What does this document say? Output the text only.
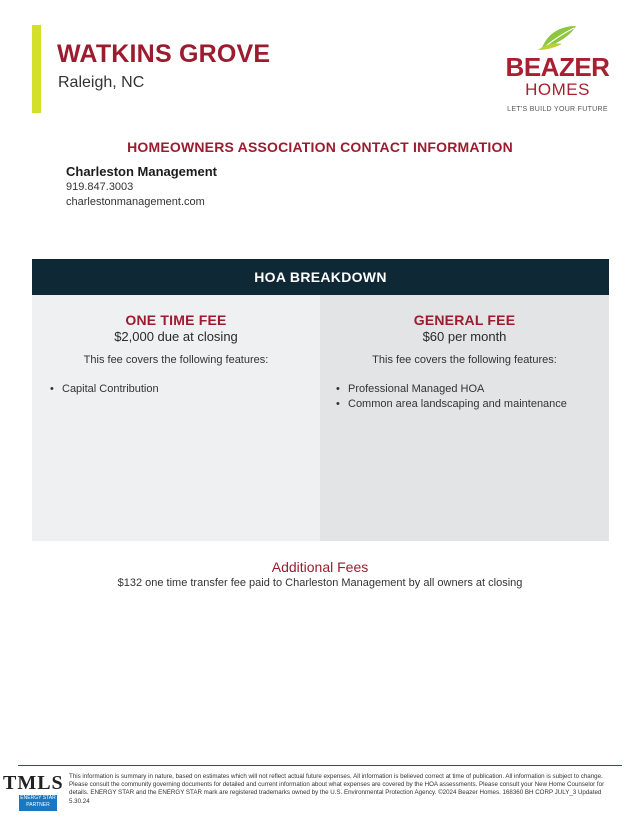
WATKINS GROVE
Raleigh, NC
BEAZER
HOMES
LET'S BUILD YOUR FUTURE
HOMEOWNERS ASSOCIATION CONTACT INFORMATION
Charleston Management
919.847.3003
charlestonmanagement.com
HOA BREAKDOWN
ONE TIME FEE
$2,000 due at closing
This fee covers the following features:
• Capital Contribution
GENERAL FEE
$60 per month
This fee covers the following features:
• Professional Managed HOA
• Common area landscaping and maintenance
Additional Fees
$132 one time transfer fee paid to Charleston Management by all owners at closing
TMLS
ENERGY STAR PARTNER
This information is summary in nature, based on estimates which will not reflect actual future expenses. All information is believed correct at time of publication. All information is subject to change. Please consult the community governing documents for detailed and current information about what expenses are covered by the HOA assessments. Please consult your New Home Counselor for details. ENERGY STAR and the ENERGY STAR mark are registered trademarks owned by the U.S. Environmental Protection Agency. ©2024 Beazer Homes. 168360 BH CORP JULY_3 Updated 5.30.24
